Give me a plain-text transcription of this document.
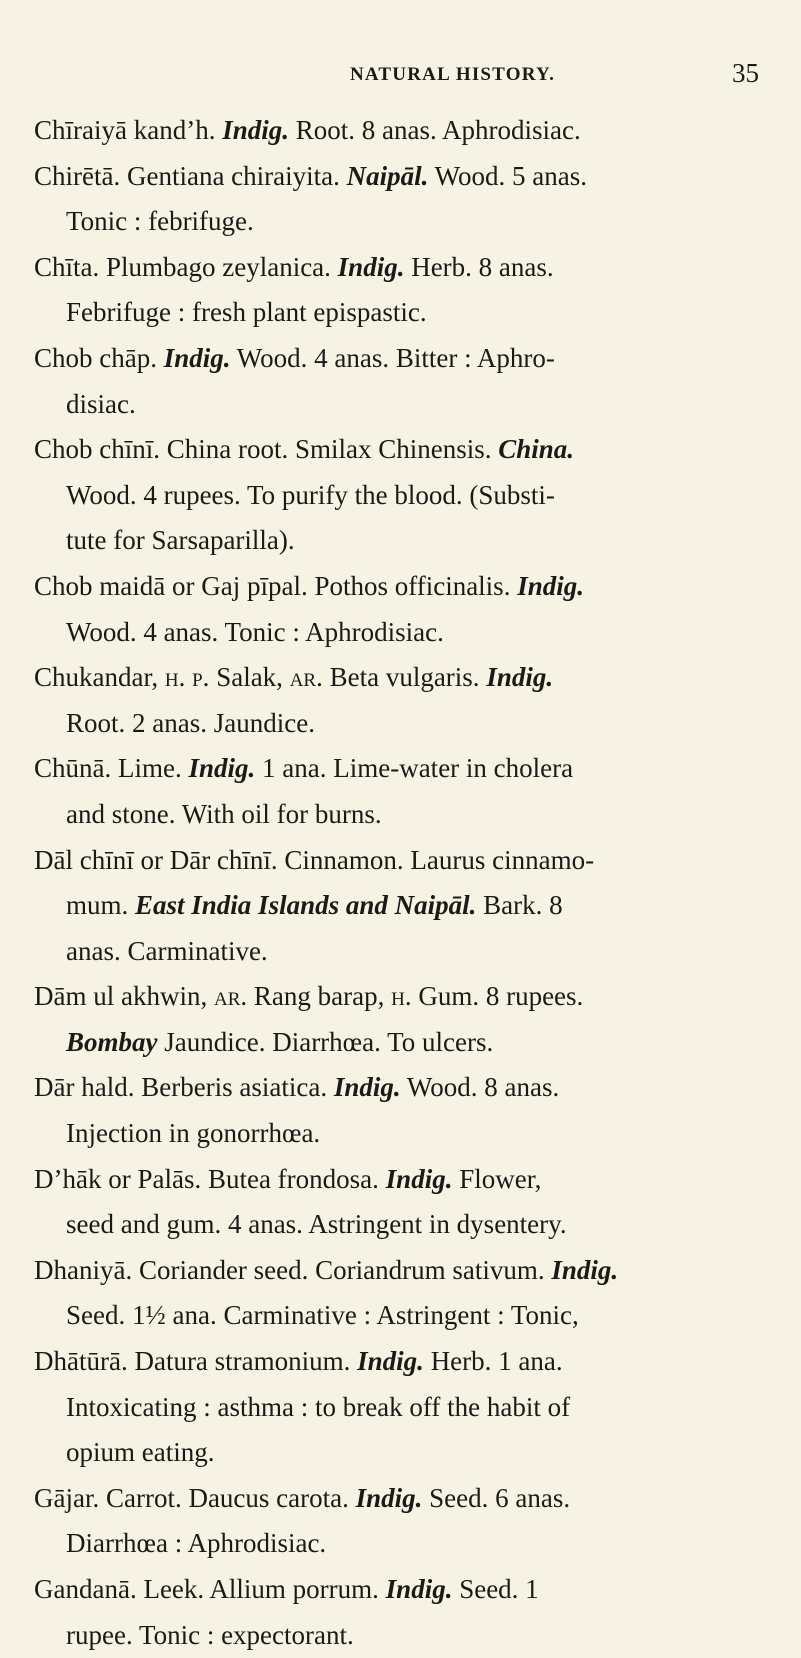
NATURAL HISTORY.	35
Chīraiyā kand’h. Indig. Root. 8 anas. Aphrodisiac.
Chirētā. Gentiana chiraiyita. Naipāl. Wood. 5 anas.
Tonic : febrifuge.
Chīta. Plumbago zeylanica. Indig. Herb. 8 anas.
Febrifuge : fresh plant epispastic.
Chob chāp. Indig. Wood. 4 anas. Bitter : Aphro-
disiac.
Chob chīnī. China root. Smilax Chinensis. China.
Wood. 4 rupees. To purify the blood. (Substi-
tute for Sarsaparilla).
Chob maidā or Gaj pīpal. Pothos officinalis. Indig.
Wood. 4 anas. Tonic : Aphrodisiac.
Chukandar, h. p. Salak, ar. Beta vulgaris. Indig.
Root. 2 anas. Jaundice.
Chūnā. Lime. Indig. 1 ana. Lime-water in cholera
and stone. With oil for burns.
Dāl chīnī or Dār chīnī. Cinnamon. Laurus cinnamo-
mum. East India Islands and Naipāl. Bark. 8
anas. Carminative.
Dām ul akhwin, ar. Rang barap, h. Gum. 8 rupees.
Bombay Jaundice. Diarrhœa. To ulcers.
Dār hald. Berberis asiatica. Indig. Wood. 8 anas.
Injection in gonorrhœa.
D’hāk or Palās. Butea frondosa. Indig. Flower,
seed and gum. 4 anas. Astringent in dysentery.
Dhaniyā. Coriander seed. Coriandrum sativum. Indig.
Seed. 1½ ana. Carminative : Astringent : Tonic,
Dhātūrā. Datura stramonium. Indig. Herb. 1 ana.
Intoxicating : asthma : to break off the habit of
opium eating.
Gājar. Carrot. Daucus carota. Indig. Seed. 6 anas.
Diarrhœa : Aphrodisiac.
Gandanā. Leek. Allium porrum. Indig. Seed. 1
rupee. Tonic : expectorant.
